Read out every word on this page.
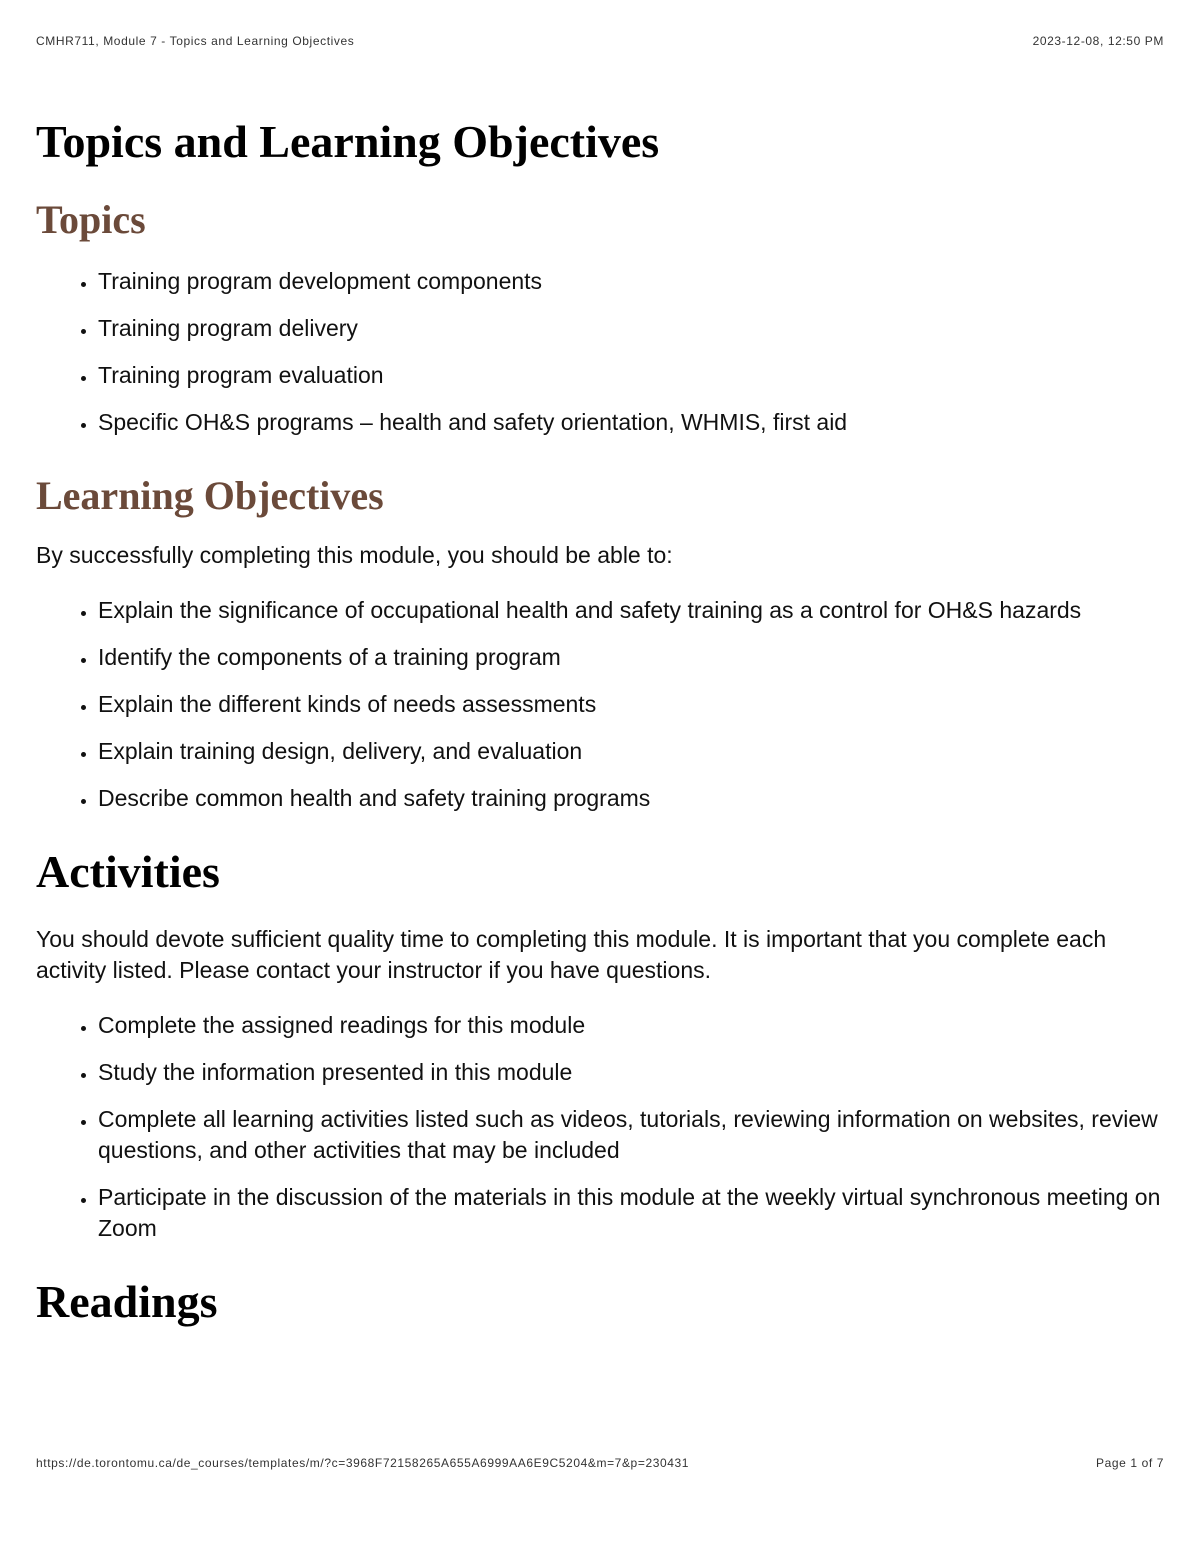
CMHR711, Module 7 - Topics and Learning Objectives	2023-12-08, 12:50 PM
Topics and Learning Objectives
Topics
• Training program development components
• Training program delivery
• Training program evaluation
• Specific OH&S programs – health and safety orientation, WHMIS, first aid
Learning Objectives

By successfully completing this module, you should be able to:

• Explain the significance of occupational health and safety training as a control for OH&S hazards
• Identify the components of a training program
• Explain the different kinds of needs assessments
• Explain training design, delivery, and evaluation
• Describe common health and safety training programs
Activities

You should devote sufficient quality time to completing this module. It is important that you complete each activity listed. Please contact your instructor if you have questions.

• Complete the assigned readings for this module
• Study the information presented in this module
• Complete all learning activities listed such as videos, tutorials, reviewing information on websites, review questions, and other activities that may be included
• Participate in the discussion of the materials in this module at the weekly virtual synchronous meeting on Zoom
Readings
https://de.torontomu.ca/de_courses/templates/m/?c=3968F72158265A655A6999AA6E9C5204&m=7&p=230431	Page 1 of 7
